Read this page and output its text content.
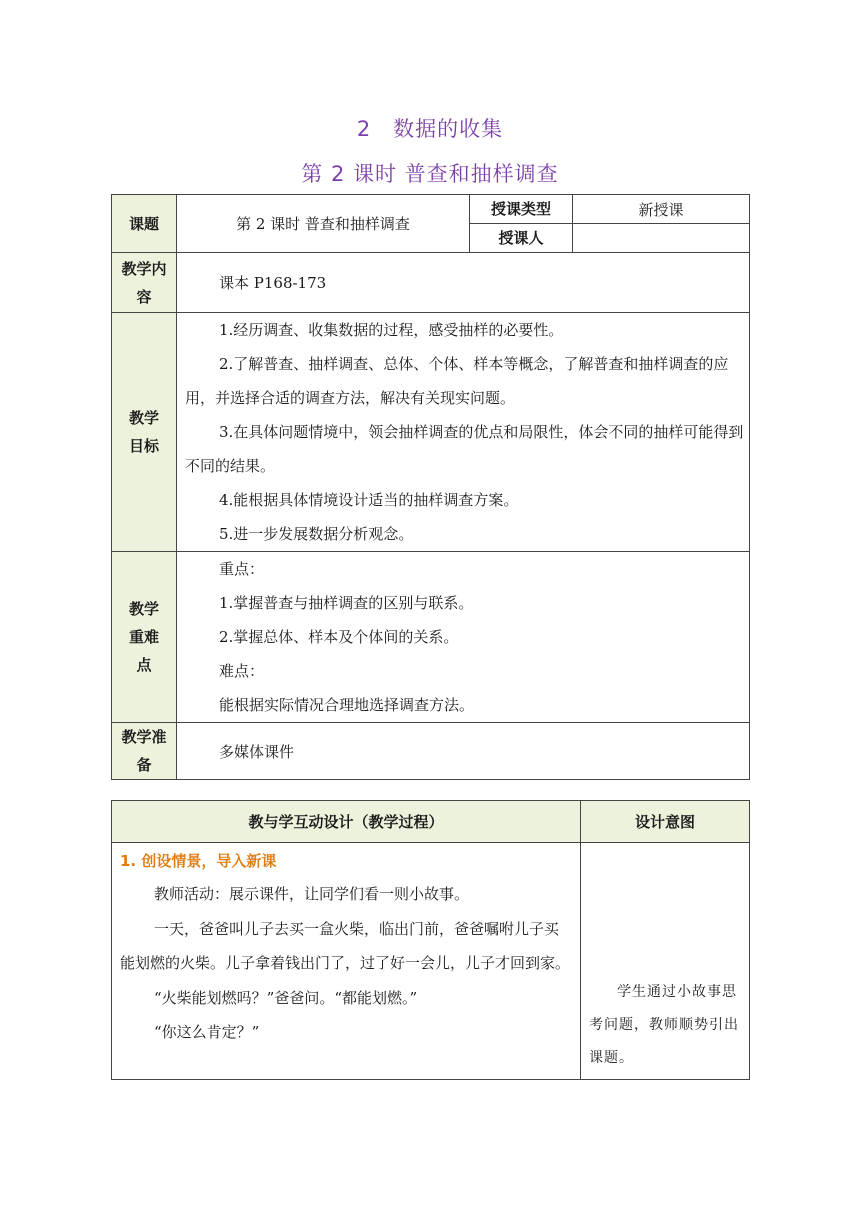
2　数据的收集
第 2 课时 普查和抽样调查
课题	第 2 课时 普查和抽样调查	授课类型	新授课
		授课人	
教学内容	课本 P168-173		
教学目标	1.经历调查、收集数据的过程，感受抽样的必要性。

2.了解普查、抽样调查、总体、个体、样本等概念，了解普查和抽样调查的应用，并选择合适的调查方法，解决有关现实问题。

3.在具体问题情境中，领会抽样调查的优点和局限性，体会不同的抽样可能得到不同的结果。

4.能根据具体情境设计适当的抽样调查方案。

5.进一步发展数据分析观念。		

教学重难点	重点：

1.掌握普查与抽样调查的区别与联系。

2.掌握总体、样本及个体间的关系。

难点：

能根据实际情况合理地选择调查方法。		

教学准备	多媒体课件		
教与学互动设计（教学过程）	设计意图

1. 创设情景，导入新课

教师活动：展示课件，让同学们看一则小故事。

一天，爸爸叫儿子去买一盒火柴，临出门前，爸爸嘱咐儿子买能划燃的火柴。儿子拿着钱出门了，过了好一会儿，儿子才回到家。

“火柴能划燃吗？”爸爸问。“都能划燃。”

“你这么肯定？”	学生通过小故事思考问题，教师顺势引出课题。
